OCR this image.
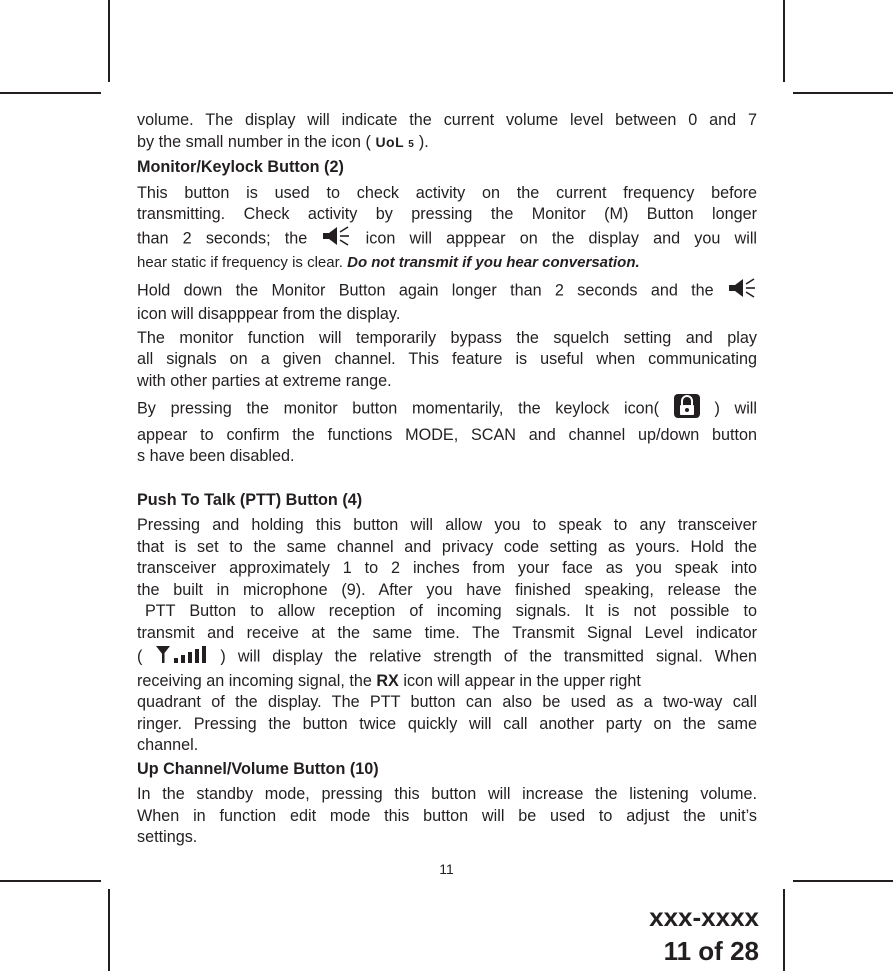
volume. The display will indicate the current volume level between 0 and 7

by the small number in the icon ( UoL 5 ).

Monitor/Keylock Button (2)

This button is used to check activity on the current frequency before

transmitting. Check activity by pressing the Monitor (M) Button longer

than 2 seconds; the	icon will apppear on the display and you will

hear static if frequency is clear. Do not transmit if you hear conversation.

Hold down the Monitor Button again longer than 2 seconds and the

icon will disapppear from the display.

The monitor function will temporarily bypass the squelch setting and play

all signals on a given channel. This feature is useful when communicating

with other parties at extreme range.

By pressing the monitor button momentarily, the keylock icon(	) will

appear to confirm the functions MODE, SCAN and channel up/down button

s have been disabled.

Push To Talk (PTT) Button (4)

Pressing and holding this button will allow you to speak to any transceiver

that is set to the same channel and privacy code setting as yours. Hold the

transceiver approximately 1 to 2 inches from your face as you speak into

the built in microphone (9). After you have finished speaking, release the

PTT Button to allow reception of incoming signals. It is not possible to

transmit and receive at the same time. The Transmit Signal Level indicator

(	) will display the relative strength of the transmitted signal. When

receiving an incoming signal, the RX icon will appear in the upper right

quadrant of the display. The PTT button can also be used as a two-way call

ringer. Pressing the button twice quickly will call another party on the same

channel.

Up Channel/Volume Button (10)

In the standby mode, pressing this button will increase the listening volume.

When in function edit mode this button will be used to adjust the unit’s

settings.

11
xxx-xxxx
11 of 28
